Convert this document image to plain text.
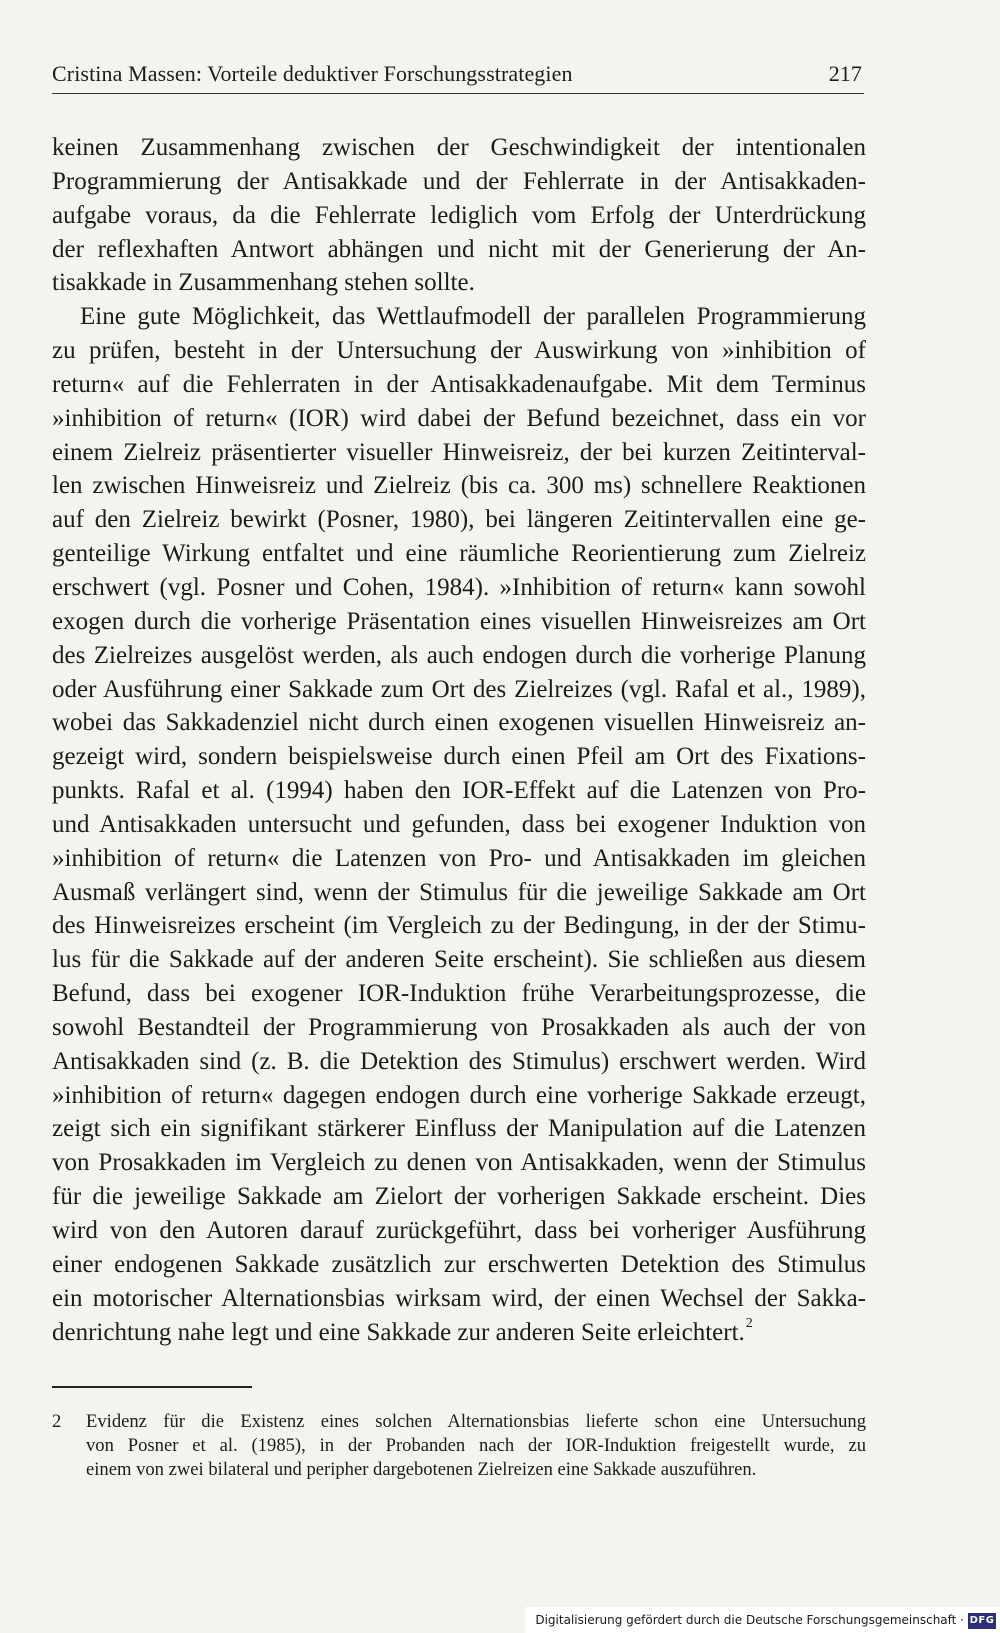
Cristina Massen: Vorteile deduktiver Forschungsstrategien	217
keinen Zusammenhang zwischen der Geschwindigkeit der intentionalen
Programmierung der Antisakkade und der Fehlerrate in der Antisakkaden-
aufgabe voraus, da die Fehlerrate lediglich vom Erfolg der Unterdrückung
der reflexhaften Antwort abhängen und nicht mit der Generierung der An-
tisakkade in Zusammenhang stehen sollte.
Eine gute Möglichkeit, das Wettlaufmodell der parallelen Programmierung
zu prüfen, besteht in der Untersuchung der Auswirkung von »inhibition of
return« auf die Fehlerraten in der Antisakkadenaufgabe. Mit dem Terminus
»inhibition of return« (IOR) wird dabei der Befund bezeichnet, dass ein vor
einem Zielreiz präsentierter visueller Hinweisreiz, der bei kurzen Zeitinterval-
len zwischen Hinweisreiz und Zielreiz (bis ca. 300 ms) schnellere Reaktionen
auf den Zielreiz bewirkt (Posner, 1980), bei längeren Zeitintervallen eine ge-
genteilige Wirkung entfaltet und eine räumliche Reorientierung zum Zielreiz
erschwert (vgl. Posner und Cohen, 1984). »Inhibition of return« kann sowohl
exogen durch die vorherige Präsentation eines visuellen Hinweisreizes am Ort
des Zielreizes ausgelöst werden, als auch endogen durch die vorherige Planung
oder Ausführung einer Sakkade zum Ort des Zielreizes (vgl. Rafal et al., 1989),
wobei das Sakkadenziel nicht durch einen exogenen visuellen Hinweisreiz an-
gezeigt wird, sondern beispielsweise durch einen Pfeil am Ort des Fixations-
punkts. Rafal et al. (1994) haben den IOR-Effekt auf die Latenzen von Pro-
und Antisakkaden untersucht und gefunden, dass bei exogener Induktion von
»inhibition of return« die Latenzen von Pro- und Antisakkaden im gleichen
Ausmaß verlängert sind, wenn der Stimulus für die jeweilige Sakkade am Ort
des Hinweisreizes erscheint (im Vergleich zu der Bedingung, in der der Stimu-
lus für die Sakkade auf der anderen Seite erscheint). Sie schließen aus diesem
Befund, dass bei exogener IOR-Induktion frühe Verarbeitungsprozesse, die
sowohl Bestandteil der Programmierung von Prosakkaden als auch der von
Antisakkaden sind (z. B. die Detektion des Stimulus) erschwert werden. Wird
»inhibition of return« dagegen endogen durch eine vorherige Sakkade erzeugt,
zeigt sich ein signifikant stärkerer Einfluss der Manipulation auf die Latenzen
von Prosakkaden im Vergleich zu denen von Antisakkaden, wenn der Stimulus
für die jeweilige Sakkade am Zielort der vorherigen Sakkade erscheint. Dies
wird von den Autoren darauf zurückgeführt, dass bei vorheriger Ausführung
einer endogenen Sakkade zusätzlich zur erschwerten Detektion des Stimulus
ein motorischer Alternationsbias wirksam wird, der einen Wechsel der Sakka-
denrichtung nahe legt und eine Sakkade zur anderen Seite erleichtert.$^2$
2 Evidenz für die Existenz eines solchen Alternationsbias lieferte schon eine Untersuchung
von Posner et al. (1985), in der Probanden nach der IOR-Induktion freigestellt wurde, zu
einem von zwei bilateral und peripher dargebotenen Zielreizen eine Sakkade auszuführen.
Digitalisierung gefördert durch die Deutsche Forschungsgemeinschaft · DFG
